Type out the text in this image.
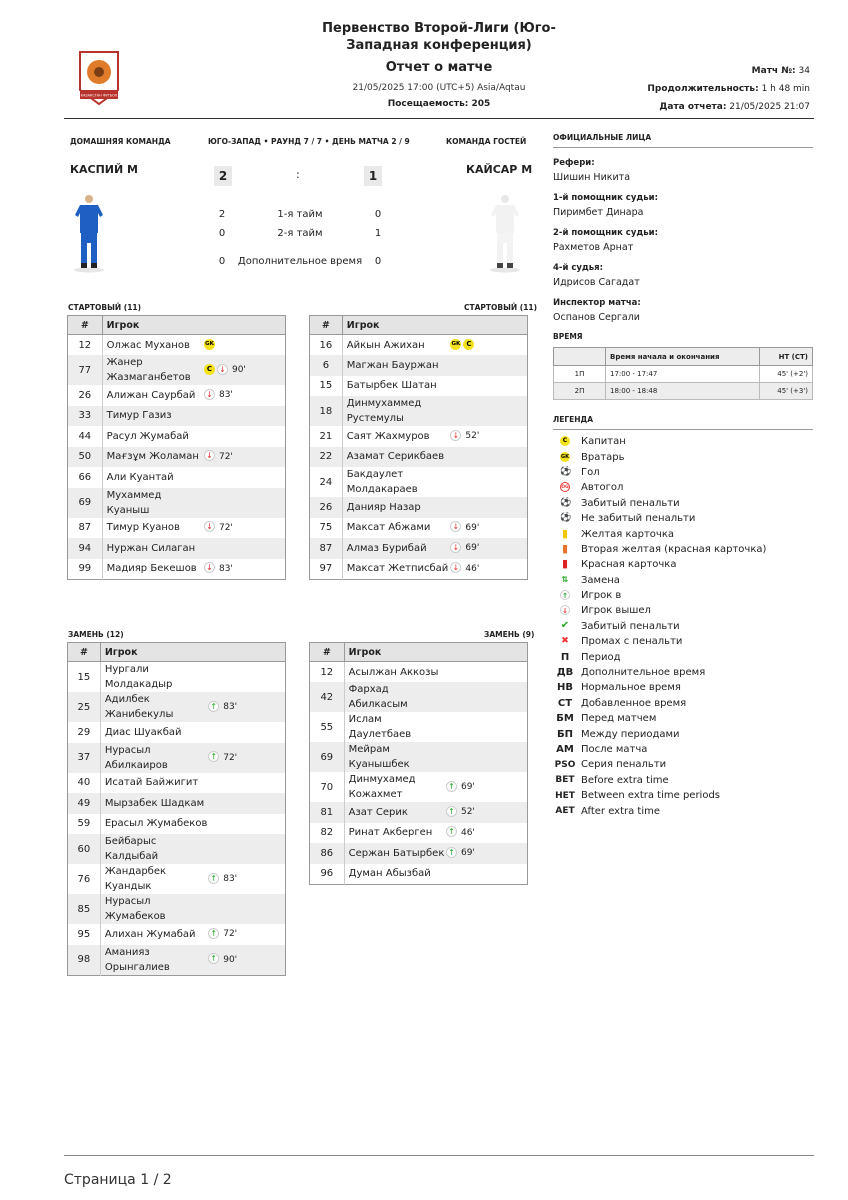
КАЗАКСТАН ФУТБОЛ
Первенство Второй-Лиги (Юго-Западная конференция)
Отчет о матче
21/05/2025 17:00 (UTC+5) Asia/Aqtau
Посещаемость: 205
Матч №: 34
Продолжительность: 1 h 48 min
Дата отчета: 21/05/2025 21:07
ДОМАШНЯЯ КОМАНДА	ЮГО-ЗАПАД • РАУНД 7 / 7 • ДЕНЬ МАТЧА 2 / 9	КОМАНДА ГОСТЕЙ
КАСПИЙ М	КАЙСАР М
2	:	1
2	1-я тайм	0
0	2-я тайм	1
0	Дополнительное время	0
СТАРТОВЫЙ (11)	СТАРТОВЫЙ (11)
ЗАМЕНЬ (12)	ЗАМЕНЬ (9)
#	Игрок	
12	Олжас Муханов	GK
77	Жанер Жазмаганбетов	C ↓ 90'
26	Алижан Саурбай	↓ 83'
33	Тимур Газиз	
44	Расул Жумабай	
50	Мағзұм Жоламан	↓ 72'
66	Али Куантай	
69	Мухаммед Куаныш	
87	Тимур Куанов	↓ 72'
94	Нуржан Силаган	
99	Мадияр Бекешов	↓ 83'
#	Игрок	
16	Айкын Ажихан	GK C
6	Магжан Бауржан	
15	Батырбек Шатан	
18	Динмухаммед Рустемулы	
21	Саят Жахмуров	↓ 52'
22	Азамат Серикбаев	
24	Бакдаулет Молдакараев	
26	Данияр Назар	
75	Максат Абжами	↓ 69'
87	Алмаз Бурибай	↓ 69'
97	Максат Жетписбай	↓ 46'
#	Игрок	
15	Нургали Молдакадыр	
25	Адилбек Жанибекулы	↑ 83'
29	Диас Шуакбай	
37	Нурасыл Абилкаиров	↑ 72'
40	Исатай Байжигит	
49	Мырзабек Шадкам	
59	Ерасыл Жумабеков	
60	Бейбарыс Калдыбай	
76	Жандарбек Куандык	↑ 83'
85	Нурасыл Жумабеков	
95	Алихан Жумабай	↑ 72'
98	Аманияз Орынгалиев	↑ 90'
#	Игрок	
12	Асылжан Аккозы	
42	Фархад Абилкасым	
55	Ислам Даулетбаев	
69	Мейрам Куанышбек	
70	Динмухамед Кожахмет	↑ 69'
81	Азат Серик	↑ 52'
82	Ринат Акберген	↑ 46'
86	Сержан Батырбек	↑ 69'
96	Думан Абызбай	
ОФИЦИАЛЬНЫЕ ЛИЦА
Рефери:
Шишин Никита
1-й помощник судьи:
Пиримбет Динара
2-й помощник судьи:
Рахметов Арнат
4-й судья:
Идрисов Сагадат
Инспектор матча:
Оспанов Сергали
ВРЕМЯ
	Время начала и окончания	HT (СТ)
1П	17:00 - 17:47	45' (+2')
2П	18:00 - 18:48	45' (+3')
ЛЕГЕНДА
C	Капитан
GK	Вратарь
⚽ Гол
OG	Автогол
⚽ Забитый пенальти
⚽ Не забитый пенальти
▮	Желтая карточка
▮	Вторая желтая (красная карточка)
▮	Красная карточка
⇅	Замена
↑	Игрок в
↓	Игрок вышел
✔	Забитый пенальти
✖	Промах с пенальти
П	Период
ДВ Дополнительное время
НВ Нормальное время
СТ Добавленное время
БМ Перед матчем
БП Между периодами
АМ После матча
PSO Серия пенальти
BET Before extra time
HET Between extra time periods
AET After extra time
Страница 1 / 2
